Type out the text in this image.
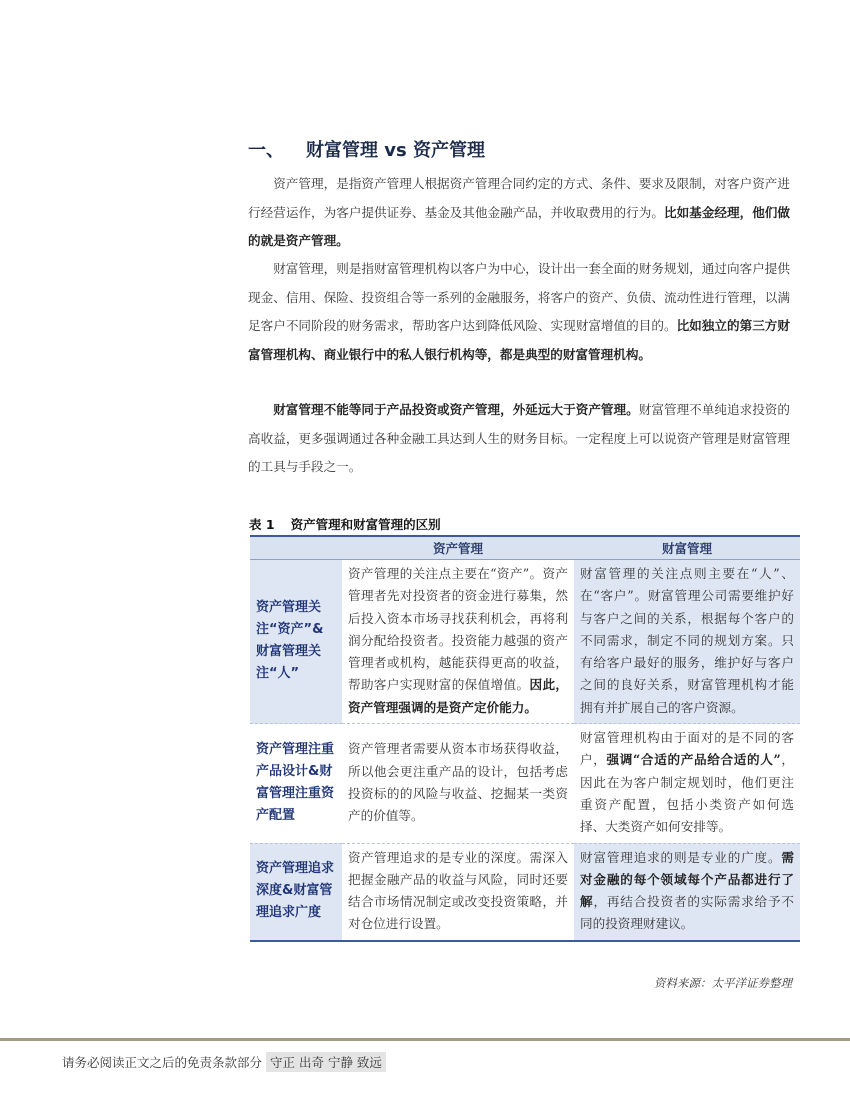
一、 财富管理 vs 资产管理
资产管理，是指资产管理人根据资产管理合同约定的方式、条件、要求及限制，对客户资产进行经营运作，为客户提供证券、基金及其他金融产品，并收取费用的行为。比如基金经理，他们做的就是资产管理。
财富管理，则是指财富管理机构以客户为中心，设计出一套全面的财务规划，通过向客户提供现金、信用、保险、投资组合等一系列的金融服务，将客户的资产、负债、流动性进行管理，以满足客户不同阶段的财务需求，帮助客户达到降低风险、实现财富增值的目的。比如独立的第三方财富管理机构、商业银行中的私人银行机构等，都是典型的财富管理机构。
财富管理不能等同于产品投资或资产管理，外延远大于资产管理。财富管理不单纯追求投资的高收益，更多强调通过各种金融工具达到人生的财务目标。一定程度上可以说资产管理是财富管理的工具与手段之一。
表 1 资产管理和财富管理的区别
	资产管理	财富管理
资产管理关注“资产”&财富管理关注“人”	资产管理的关注点主要在“资产”。资产管理者先对投资者的资金进行募集，然后投入资本市场寻找获利机会，再将利润分配给投资者。投资能力越强的资产管理者或机构，越能获得更高的收益，帮助客户实现财富的保值增值。因此，资产管理强调的是资产定价能力。	财富管理的关注点则主要在“人”、在“客户”。财富管理公司需要维护好与客户之间的关系，根据每个客户的不同需求，制定不同的规划方案。只有给客户最好的服务，维护好与客户之间的良好关系，财富管理机构才能拥有并扩展自己的客户资源。
资产管理注重产品设计&财富管理注重资产配置	资产管理者需要从资本市场获得收益，所以他会更注重产品的设计，包括考虑投资标的的风险与收益、挖掘某一类资产的价值等。	财富管理机构由于面对的是不同的客户，强调“合适的产品给合适的人”，因此在为客户制定规划时，他们更注重资产配置，包括小类资产如何选择、大类资产如何安排等。
资产管理追求深度&财富管理追求广度	资产管理追求的是专业的深度。需深入把握金融产品的收益与风险，同时还要结合市场情况制定或改变投资策略，并对仓位进行设置。	财富管理追求的则是专业的广度。需对金融的每个领域每个产品都进行了解，再结合投资者的实际需求给予不同的投资理财建议。
资料来源：太平洋证券整理
请务必阅读正文之后的免责条款部分 守正 出奇 宁静 致远
